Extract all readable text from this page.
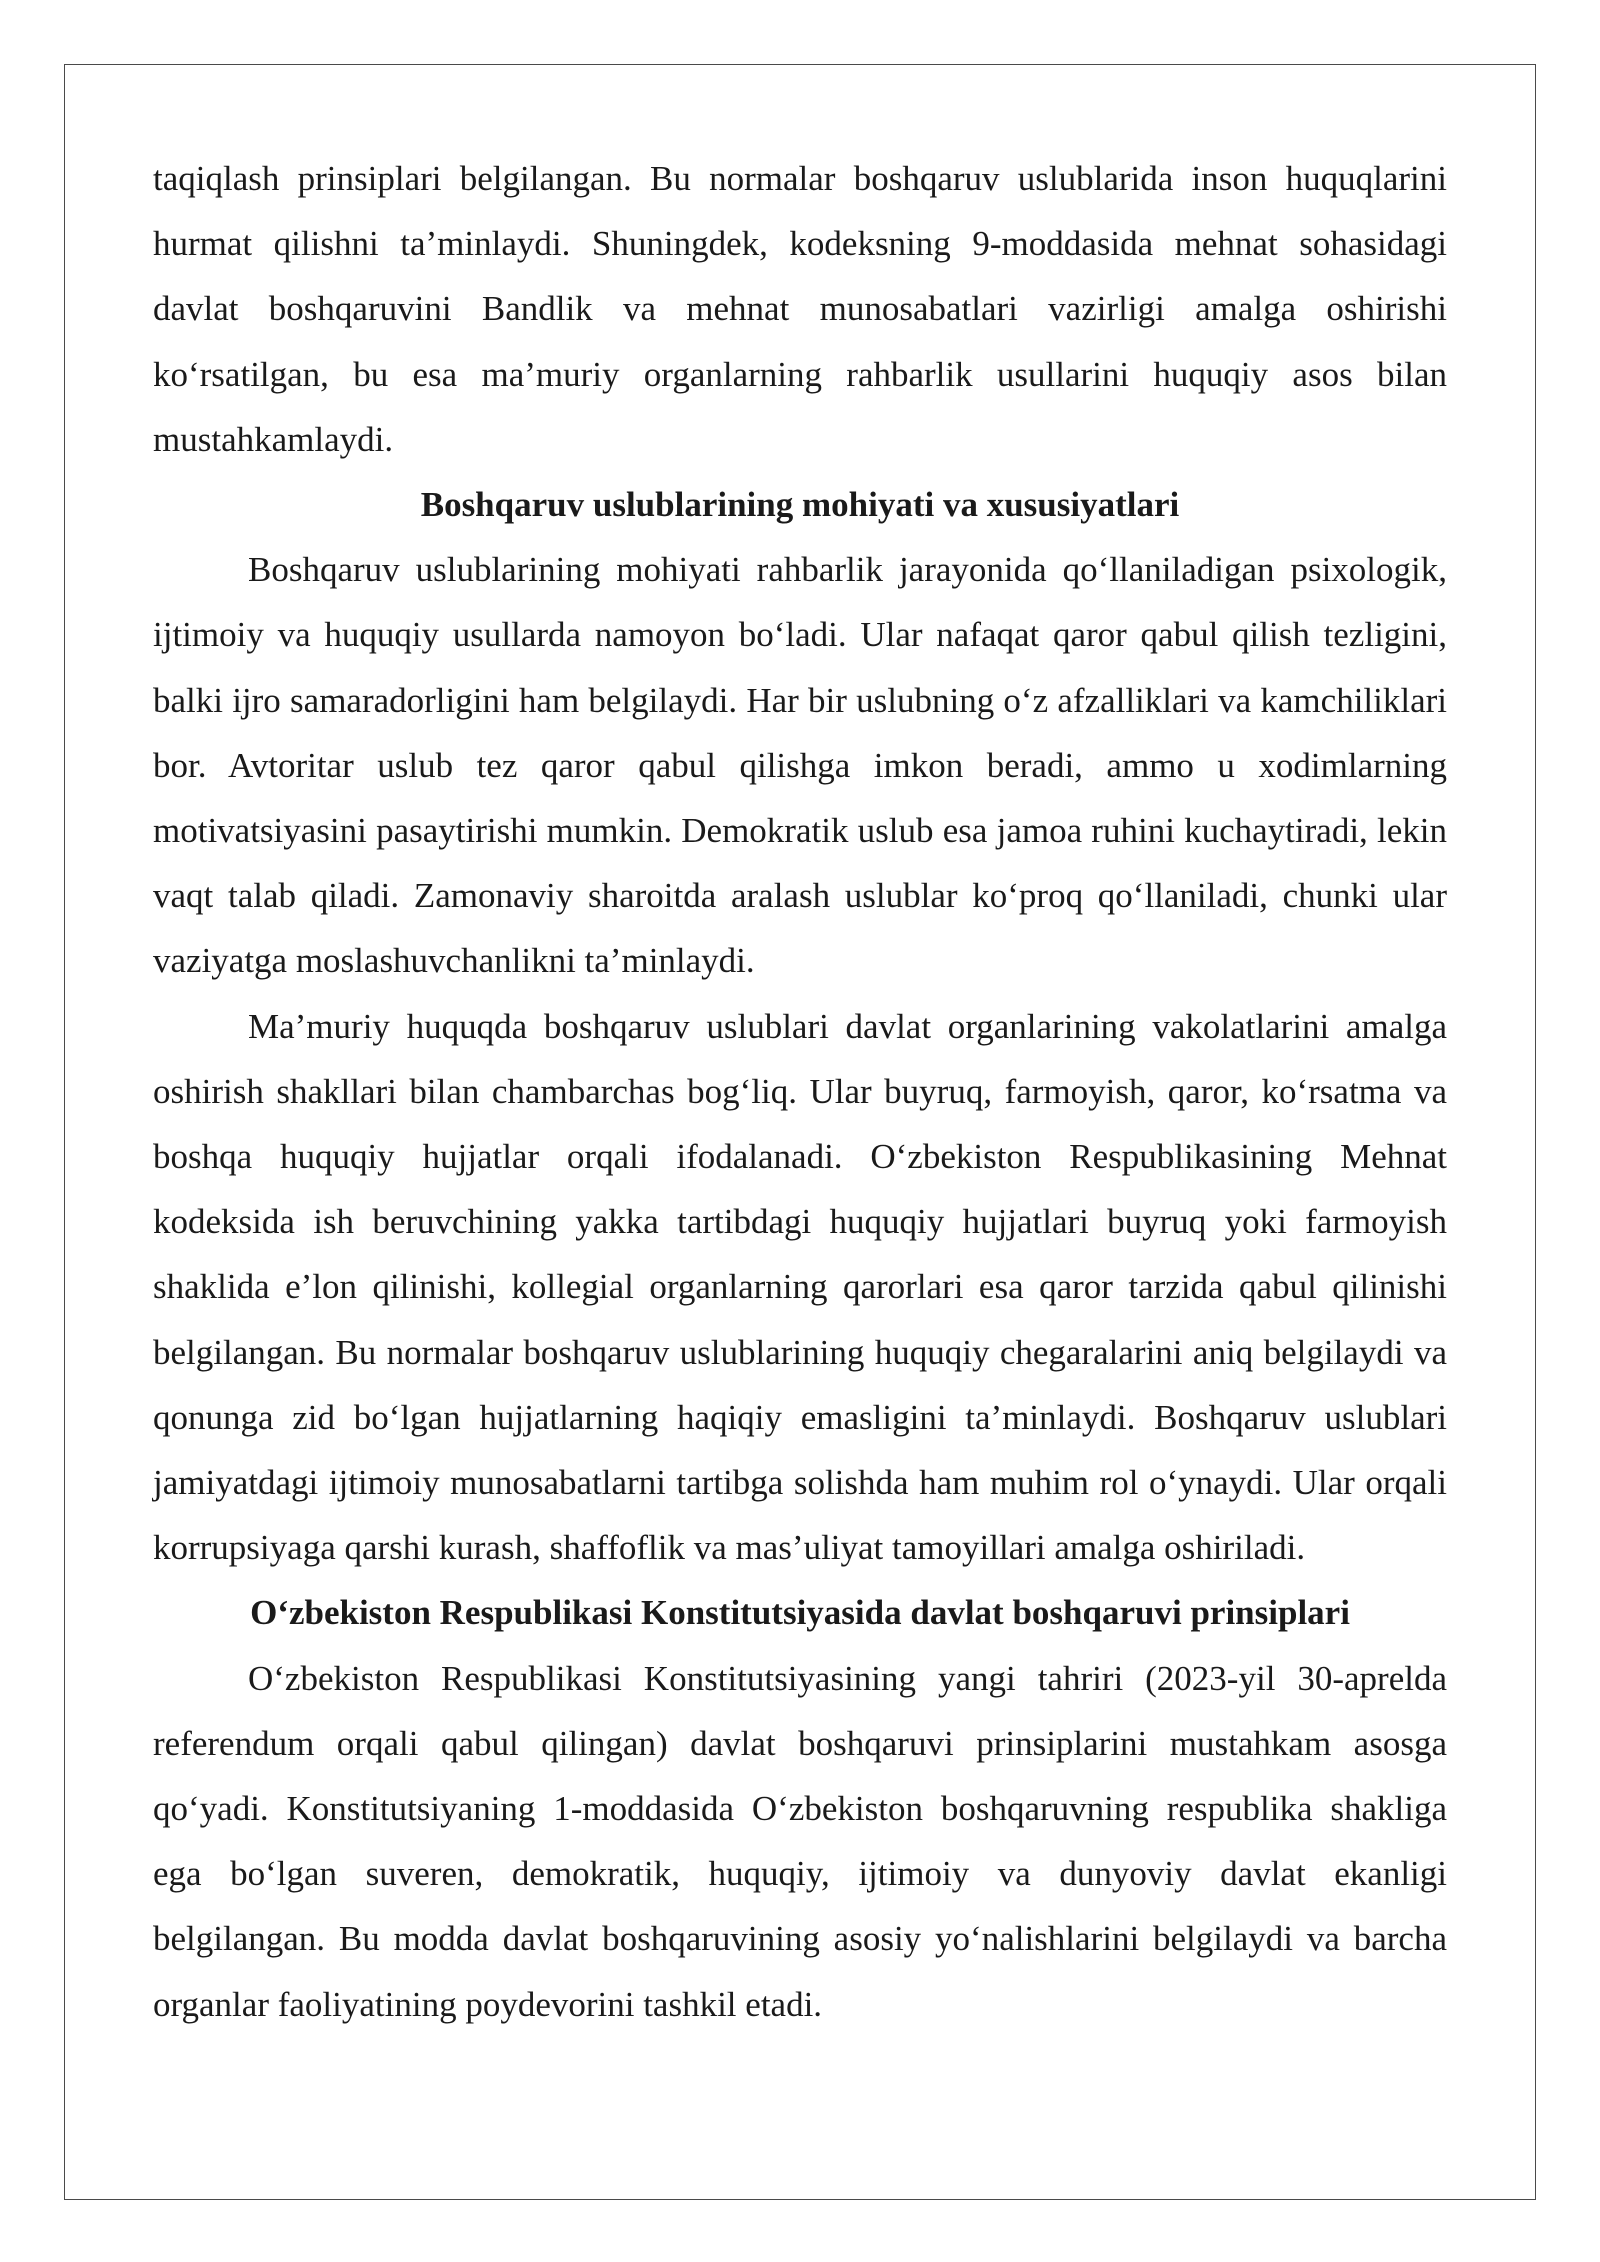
taqiqlash prinsiplari belgilangan. Bu normalar boshqaruv uslublarida inson huquqlarini hurmat qilishni ta’minlaydi. Shuningdek, kodeksning 9-moddasida mehnat sohasidagi davlat boshqaruvini Bandlik va mehnat munosabatlari vazirligi amalga oshirishi ko‘rsatilgan, bu esa ma’muriy organlarning rahbarlik usullarini huquqiy asos bilan mustahkamlaydi.

Boshqaruv uslublarining mohiyati va xususiyatlari

Boshqaruv uslublarining mohiyati rahbarlik jarayonida qo‘llaniladigan psixologik, ijtimoiy va huquqiy usullarda namoyon bo‘ladi. Ular nafaqat qaror qabul qilish tezligini, balki ijro samaradorligini ham belgilaydi. Har bir uslubning o‘z afzalliklari va kamchiliklari bor. Avtoritar uslub tez qaror qabul qilishga imkon beradi, ammo u xodimlarning motivatsiyasini pasaytirishi mumkin. Demokratik uslub esa jamoa ruhini kuchaytiradi, lekin vaqt talab qiladi. Zamonaviy sharoitda aralash uslublar ko‘proq qo‘llaniladi, chunki ular vaziyatga moslashuvchanlikni ta’minlaydi.

Ma’muriy huquqda boshqaruv uslublari davlat organlarining vakolatlarini amalga oshirish shakllari bilan chambarchas bog‘liq. Ular buyruq, farmoyish, qaror, ko‘rsatma va boshqa huquqiy hujjatlar orqali ifodalanadi. O‘zbekiston Respublikasining Mehnat kodeksida ish beruvchining yakka tartibdagi huquqiy hujjatlari buyruq yoki farmoyish shaklida e’lon qilinishi, kollegial organlarning qarorlari esa qaror tarzida qabul qilinishi belgilangan. Bu normalar boshqaruv uslublarining huquqiy chegaralarini aniq belgilaydi va qonunga zid bo‘lgan hujjatlarning haqiqiy emasligini ta’minlaydi. Boshqaruv uslublari jamiyatdagi ijtimoiy munosabatlarni tartibga solishda ham muhim rol o‘ynaydi. Ular orqali korrupsiyaga qarshi kurash, shaffoflik va mas’uliyat tamoyillari amalga oshiriladi.

O‘zbekiston Respublikasi Konstitutsiyasida davlat boshqaruvi prinsiplari

O‘zbekiston Respublikasi Konstitutsiyasining yangi tahriri (2023-yil 30-aprelda referendum orqali qabul qilingan) davlat boshqaruvi prinsiplarini mustahkam asosga qo‘yadi. Konstitutsiyaning 1-moddasida O‘zbekiston boshqaruvning respublika shakliga ega bo‘lgan suveren, demokratik, huquqiy, ijtimoiy va dunyoviy davlat ekanligi belgilangan. Bu modda davlat boshqaruvining asosiy yo‘nalishlarini belgilaydi va barcha organlar faoliyatining poydevorini tashkil etadi.
